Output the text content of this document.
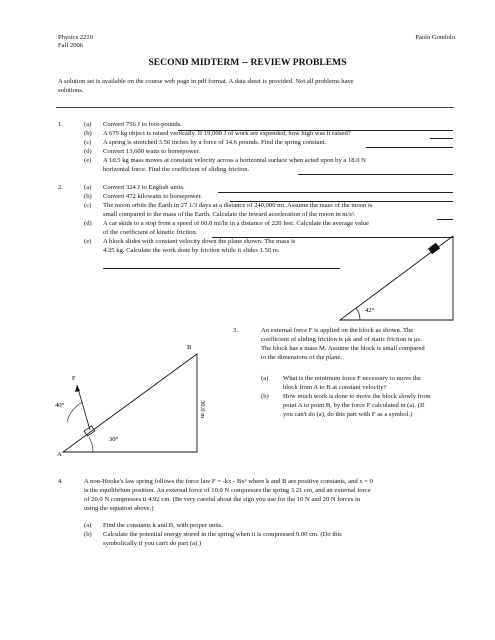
Physics 2210
Fall 2006
Paolo Gondolo
SECOND MIDTERM -- REVIEW PROBLEMS
A solution set is available on the course web page in pdf format. A data sheet is provided. Not all problems have
solutions.
1.	(a) Convert 756 J to foot-pounds.
(b) A 675 kg object is raised vertically. If 19,000 J of work are expended, how high was it raised?
(c) A spring is stretched 3.50 inches by a force of 14.6 pounds. Find the spring constant.
(d) Convert 13,600 watts to horsepower.
(e) A 10.5 kg mass moves at constant velocity across a horizontal surface when acted upon by a 18.0 N
horizontal force. Find the coefficient of sliding friction.
2.	(a) Convert 324 J to English units.
(b) Convert 472 kilowatts to horsepower.
(c) The moon orbits the Earth in 27 1/3 days at a distance of 240,000 mi. Assume the mass of the moon is
small compared to the mass of the Earth. Calculate the inward acceleration of the moon in m/s².
(d) A car skids to a stop from a speed of 60.0 mi/hr in a distance of 220 feet. Calculate the average value
of the coefficient of kinetic friction.
(e) A block slides with constant velocity down the plane shown. The mass is
4.25 kg. Calculate the work done by friction while it slides 1.50 m.
42°
A
B
F
40°
30°
30.0 m
3.	An external force F is applied on the block as shown. The
coefficient of sliding friction is μk and of static friction is μs.
The block has a mass M. Assume the block is small compared
to the dimensions of the plane.
(a) What is the minimum force F necessary to move the
block from A to B at constant velocity?
(b) How much work is done to move the block slowly from
point A to point B, by the force F calculated in (a). (If
you can't do (a), do this part with F as a symbol.)
4.	A non-Hooke's law spring follows the force law F = -kx - Bx³ where k and B are positive constants, and x = 0
is the equilibrium position. An external force of 10.0 N compresses the spring 3.21 cm, and an external force
of 20.0 N compresses it 4.92 cm. (Be very careful about the sign you use for the 10 N and 20 N forces in
using the equation above.)
(a) Find the constants k and B, with proper units.
(b) Calculate the potential energy stored in the spring when it is compressed 9.00 cm. (Do this
symbolically if you can't do part (a).)
